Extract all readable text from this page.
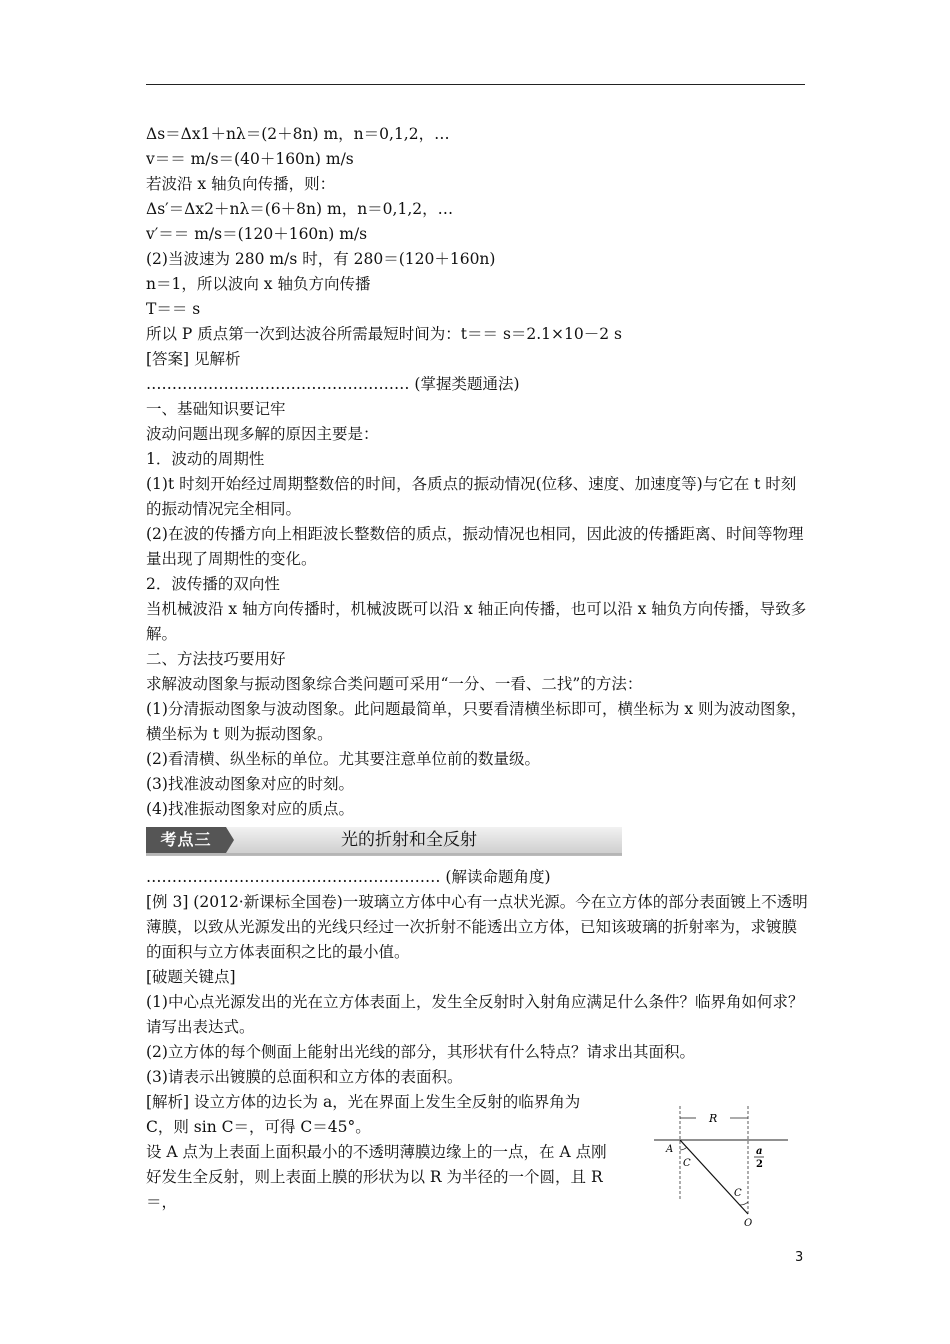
Δs＝Δx1＋nλ＝(2＋8n) m，n＝0,1,2，…
v＝＝ m/s＝(40＋160n) m/s
若波沿 x 轴负向传播，则：
Δs′＝Δx2＋nλ＝(6＋8n) m，n＝0,1,2，…
v′＝＝ m/s＝(120＋160n) m/s
(2)当波速为 280 m/s 时，有 280＝(120＋160n)
n＝1，所以波向 x 轴负方向传播
T＝＝ s
所以 P 质点第一次到达波谷所需最短时间为：t＝＝ s＝2.1×10－2 s
[答案] 见解析
…………………………………………… (掌握类题通法)
一、基础知识要记牢
波动问题出现多解的原因主要是：
1．波动的周期性
(1)t 时刻开始经过周期整数倍的时间，各质点的振动情况(位移、速度、加速度等)与它在 t 时刻的振动情况完全相同。
(2)在波的传播方向上相距波长整数倍的质点，振动情况也相同，因此波的传播距离、时间等物理量出现了周期性的变化。
2．波传播的双向性
当机械波沿 x 轴方向传播时，机械波既可以沿 x 轴正向传播，也可以沿 x 轴负方向传播，导致多解。
二、方法技巧要用好
求解波动图象与振动图象综合类问题可采用“一分、一看、二找”的方法：
(1)分清振动图象与波动图象。此问题最简单，只要看清横坐标即可，横坐标为 x 则为波动图象，横坐标为 t 则为振动图象。
(2)看清横、纵坐标的单位。尤其要注意单位前的数量级。
(3)找准波动图象对应的时刻。
(4)找准振动图象对应的质点。
考点三	光的折射和全反射
………………………………………………… (解读命题角度)
[例 3] (2012·新课标全国卷)一玻璃立方体中心有一点状光源。今在立方体的部分表面镀上不透明薄膜，以致从光源发出的光线只经过一次折射不能透出立方体，已知该玻璃的折射率为，求镀膜的面积与立方体表面积之比的最小值。
[破题关键点]
(1)中心点光源发出的光在立方体表面上，发生全反射时入射角应满足什么条件？临界角如何求？请写出表达式。
(2)立方体的每个侧面上能射出光线的部分，其形状有什么特点？请求出其面积。
(3)请表示出镀膜的总面积和立方体的表面积。
[解析] 设立方体的边长为 a，光在界面上发生全反射的临界角为
C，则 sin C＝，可得 C＝45°。
设 A 点为上表面上面积最小的不透明薄膜边缘上的一点，在 A 点刚
好发生全反射，则上表面上膜的形状为以 R 为半径的一个圆，且 R
＝，
R
A
C
C
O
a
2
3
